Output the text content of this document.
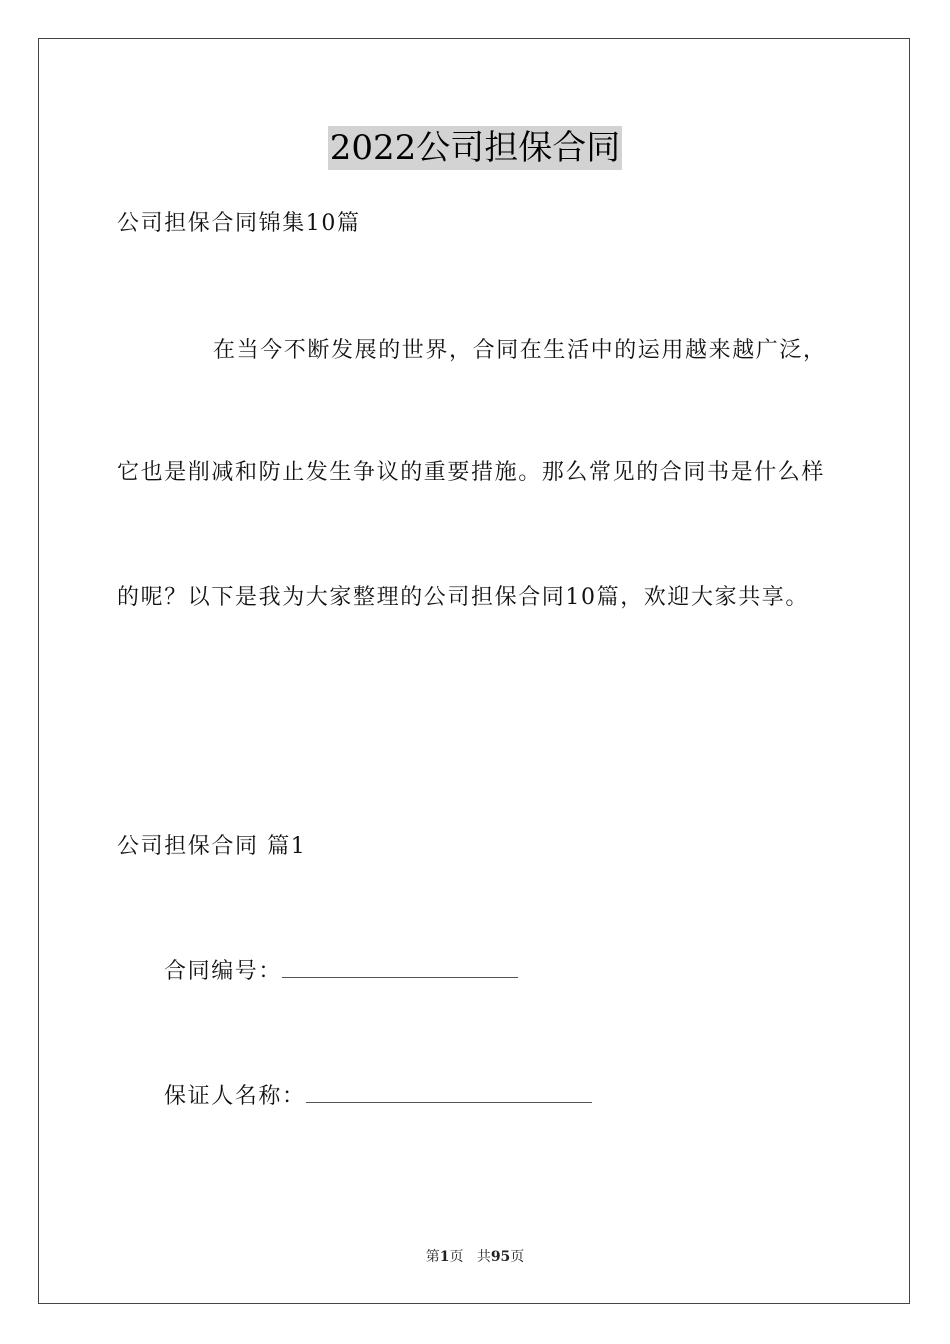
2022公司担保合同
公司担保合同锦集10篇
在当今不断发展的世界，合同在生活中的运用越来越广泛，
它也是削减和防止发生争议的重要措施。那么常见的合同书是什么样
的呢？以下是我为大家整理的公司担保合同10篇，欢迎大家共享。
公司担保合同 篇1
合同编号：
保证人名称：
第1页 共95页
